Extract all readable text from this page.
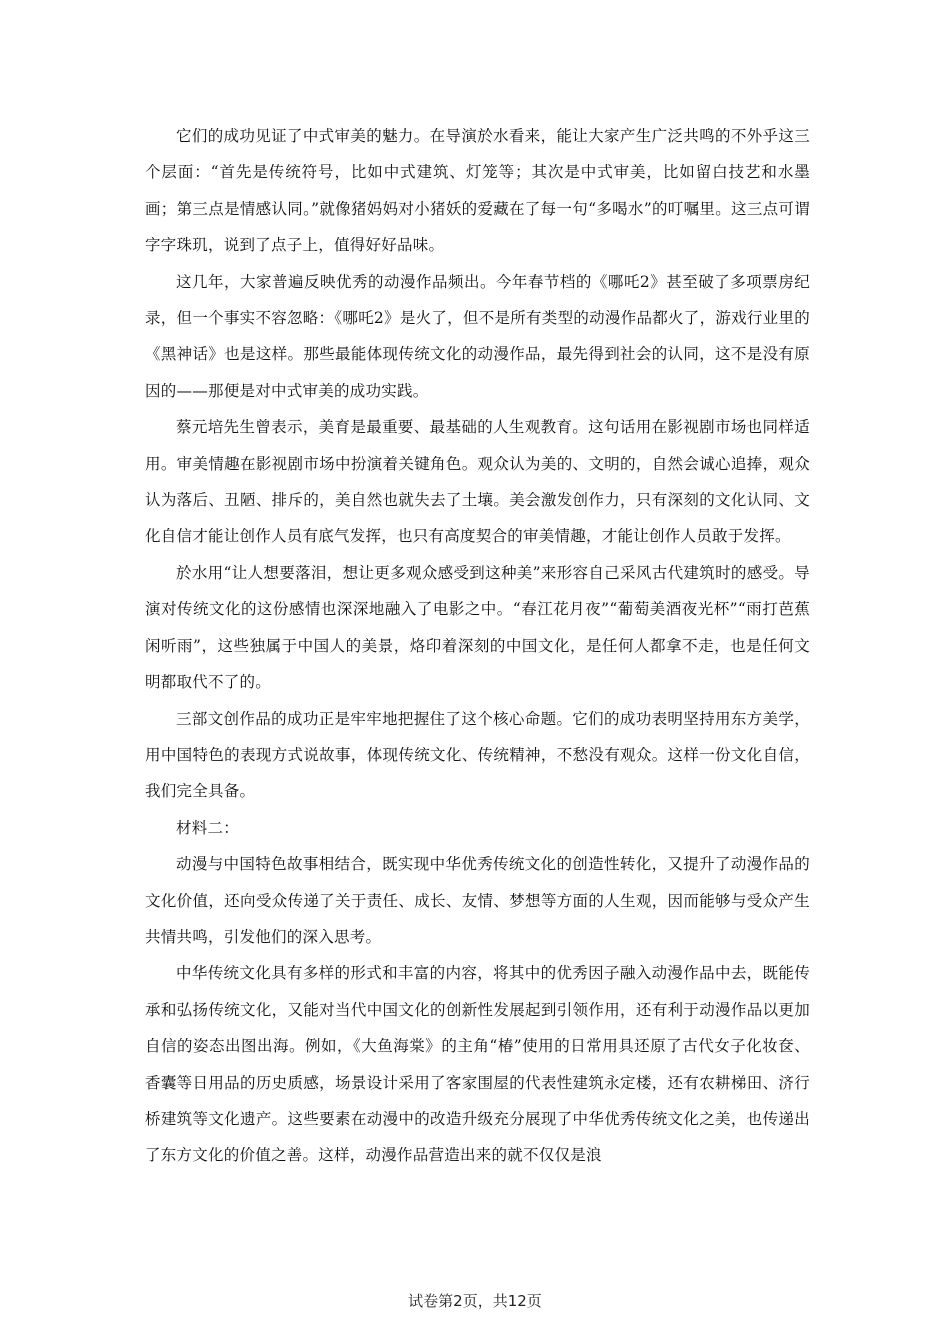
它们的成功见证了中式审美的魅力。在导演於水看来，能让大家产生广泛共鸣的不外乎这三个层面：“首先是传统符号，比如中式建筑、灯笼等；其次是中式审美，比如留白技艺和水墨画；第三点是情感认同。”就像猪妈妈对小猪妖的爱藏在了每一句“多喝水”的叮嘱里。这三点可谓字字珠玑，说到了点子上，值得好好品味。

这几年，大家普遍反映优秀的动漫作品频出。今年春节档的《哪吒2》甚至破了多项票房纪录，但一个事实不容忽略：《哪吒2》是火了，但不是所有类型的动漫作品都火了，游戏行业里的《黑神话》也是这样。那些最能体现传统文化的动漫作品，最先得到社会的认同，这不是没有原因的——那便是对中式审美的成功实践。

蔡元培先生曾表示，美育是最重要、最基础的人生观教育。这句话用在影视剧市场也同样适用。审美情趣在影视剧市场中扮演着关键角色。观众认为美的、文明的，自然会诚心追捧，观众认为落后、丑陋、排斥的，美自然也就失去了土壤。美会激发创作力，只有深刻的文化认同、文化自信才能让创作人员有底气发挥，也只有高度契合的审美情趣，才能让创作人员敢于发挥。

於水用“让人想要落泪，想让更多观众感受到这种美”来形容自己采风古代建筑时的感受。导演对传统文化的这份感情也深深地融入了电影之中。“春江花月夜”“葡萄美酒夜光杯”“雨打芭蕉闲听雨”，这些独属于中国人的美景，烙印着深刻的中国文化，是任何人都拿不走，也是任何文明都取代不了的。

三部文创作品的成功正是牢牢地把握住了这个核心命题。它们的成功表明坚持用东方美学，用中国特色的表现方式说故事，体现传统文化、传统精神，不愁没有观众。这样一份文化自信，我们完全具备。

材料二：

动漫与中国特色故事相结合，既实现中华优秀传统文化的创造性转化，又提升了动漫作品的文化价值，还向受众传递了关于责任、成长、友情、梦想等方面的人生观，因而能够与受众产生共情共鸣，引发他们的深入思考。

中华传统文化具有多样的形式和丰富的内容，将其中的优秀因子融入动漫作品中去，既能传承和弘扬传统文化，又能对当代中国文化的创新性发展起到引领作用，还有利于动漫作品以更加自信的姿态出图出海。例如，《大鱼海棠》的主角“椿”使用的日常用具还原了古代女子化妆奁、香囊等日用品的历史质感，场景设计采用了客家围屋的代表性建筑永定楼，还有农耕梯田、济行桥建筑等文化遗产。这些要素在动漫中的改造升级充分展现了中华优秀传统文化之美，也传递出了东方文化的价值之善。这样，动漫作品营造出来的就不仅仅是浪

试卷第2页，共12页
